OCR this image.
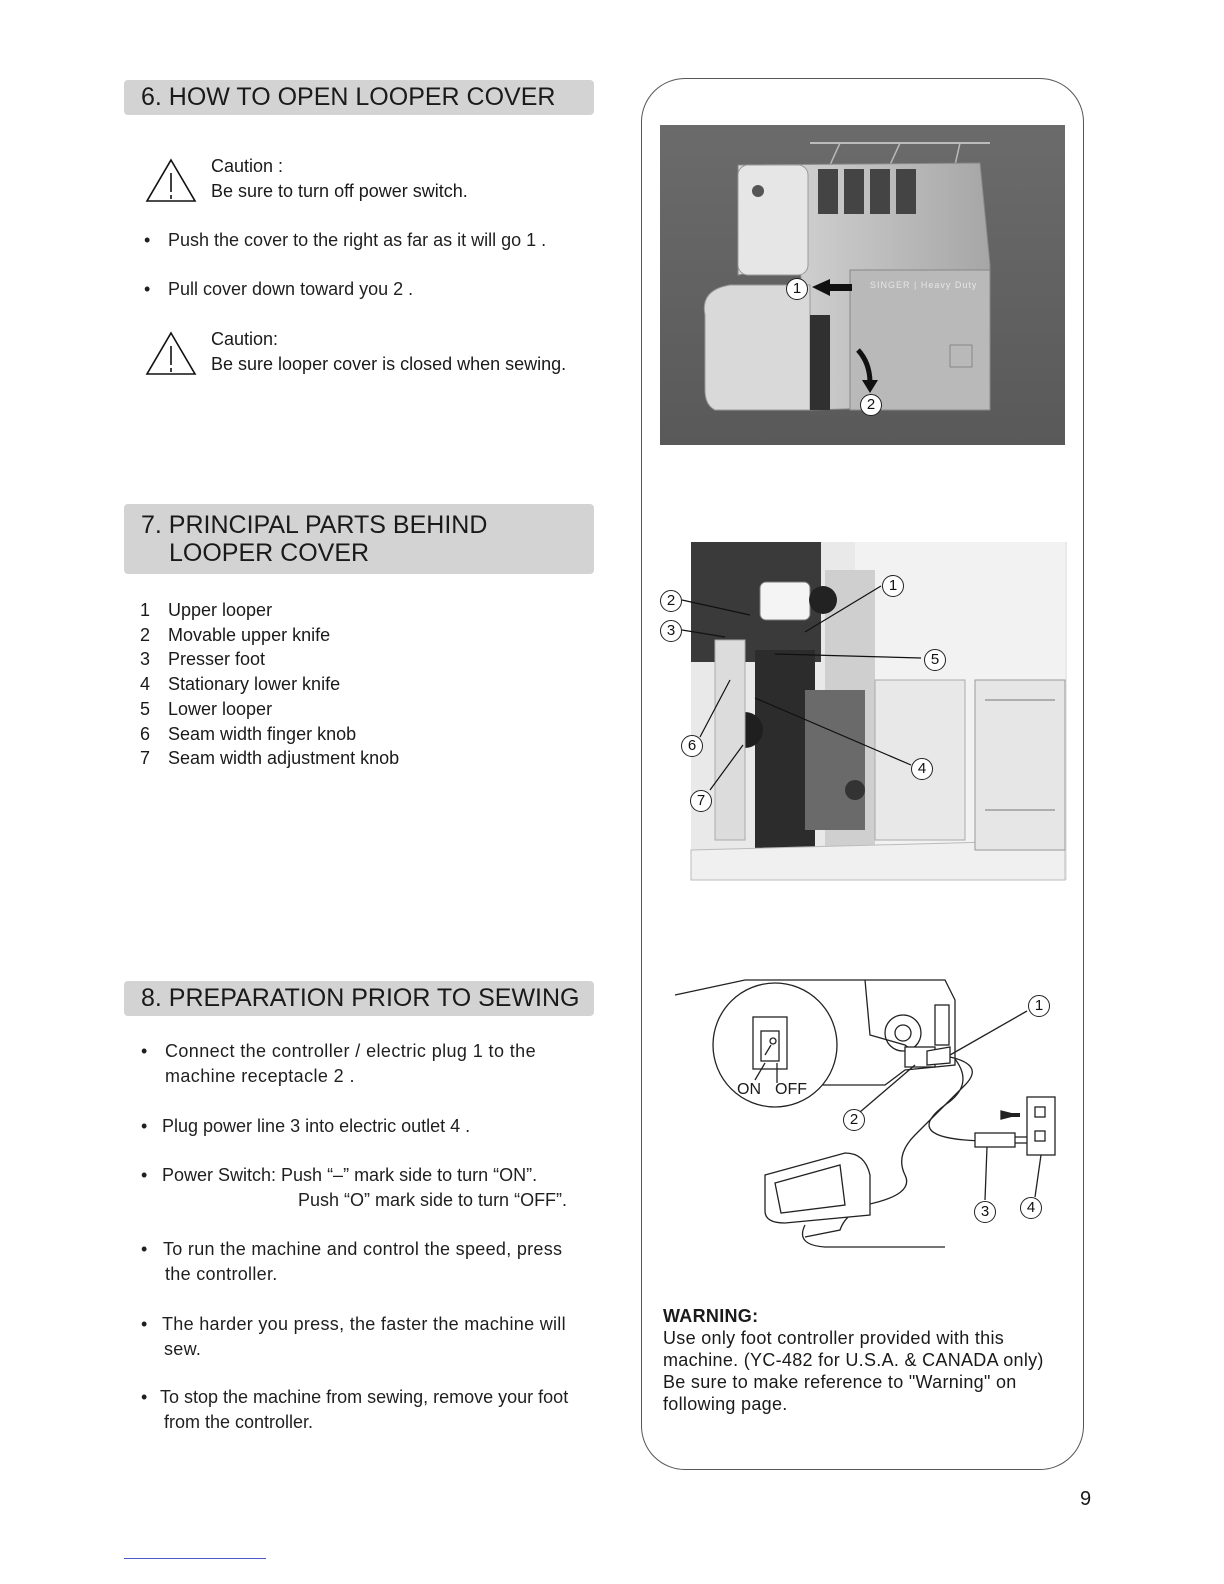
6. HOW TO OPEN LOOPER COVER
Caution :
Be sure to turn off power switch.
• Push the cover to the right as far as it will go 1 .
• Pull cover down toward you 2 .
Caution:
Be sure looper cover is closed when sewing.
SINGER | Heavy Duty
1
2
7. PRINCIPAL PARTS BEHIND
LOOPER COVER
1 Upper looper
2 Movable upper knife
3 Presser foot
4 Stationary lower knife
5 Lower looper
6 Seam width finger knob
7 Seam width adjustment knob
1
2
3
4
5
6
7
8. PREPARATION PRIOR TO SEWING
• Connect the controller / electric plug 1 to the
machine receptacle 2 .
• Plug power line 3 into electric outlet 4 .
• Power Switch: Push “–” mark side to turn “ON”.
Push “O” mark side to turn “OFF”.
• To run the machine and control the speed, press
the controller.
• The harder you press, the faster the machine will
sew.
• To stop the machine from sewing, remove your foot
from the controller.
ON OFF
1
2
3	4
WARNING:
Use only foot controller provided with this
machine. (YC-482 for U.S.A. & CANADA only)
Be sure to make reference to "Warning" on
following page.
9
